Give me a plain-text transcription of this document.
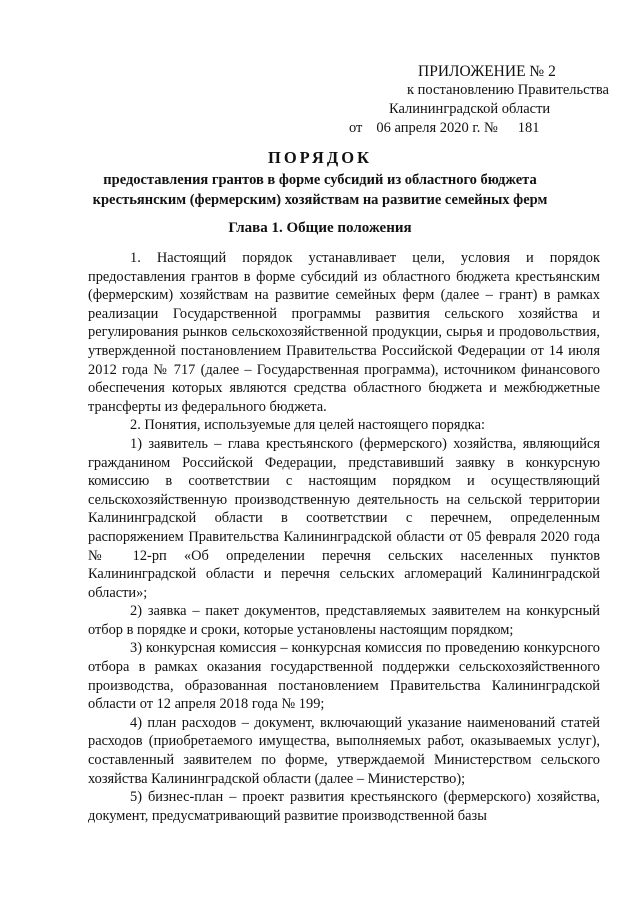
ПРИЛОЖЕНИЕ № 2
к постановлению Правительства
Калининградской области
от 06 апреля 2020 г. № 181
ПОРЯДОК
предоставления грантов в форме субсидий из областного бюджета
крестьянским (фермерским) хозяйствам на развитие семейных ферм
Глава 1. Общие положения

1. Настоящий порядок устанавливает цели, условия и порядок предоставления грантов в форме субсидий из областного бюджета крестьянским (фермерским) хозяйствам на развитие семейных ферм (далее – грант) в рамках реализации Государственной программы развития сельского хозяйства и регулирования рынков сельскохозяйственной продукции, сырья и продовольствия, утвержденной постановлением Правительства Российской Федерации от 14 июля 2012 года № 717 (далее – Государственная программа), источником финансового обеспечения которых являются средства областного бюджета и межбюджетные трансферты из федерального бюджета.

2. Понятия, используемые для целей настоящего порядка:

1) заявитель – глава крестьянского (фермерского) хозяйства, являющийся гражданином Российской Федерации, представивший заявку в конкурсную комиссию в соответствии с настоящим порядком и осуществляющий сельскохозяйственную производственную деятельность на сельской территории Калининградской области в соответствии с перечнем, определенным распоряжением Правительства Калининградской области от 05 февраля 2020 года № 12-рп «Об определении перечня сельских населенных пунктов Калининградской области и перечня сельских агломераций Калининградской области»;

2) заявка – пакет документов, представляемых заявителем на конкурсный отбор в порядке и сроки, которые установлены настоящим порядком;

3) конкурсная комиссия – конкурсная комиссия по проведению конкурсного отбора в рамках оказания государственной поддержки сельскохозяйственного производства, образованная постановлением Правительства Калининградской области от 12 апреля 2018 года № 199;

4) план расходов – документ, включающий указание наименований статей расходов (приобретаемого имущества, выполняемых работ, оказываемых услуг), составленный заявителем по форме, утверждаемой Министерством сельского хозяйства Калининградской области (далее – Министерство);

5) бизнес-план – проект развития крестьянского (фермерского) хозяйства, документ, предусматривающий развитие производственной базы
